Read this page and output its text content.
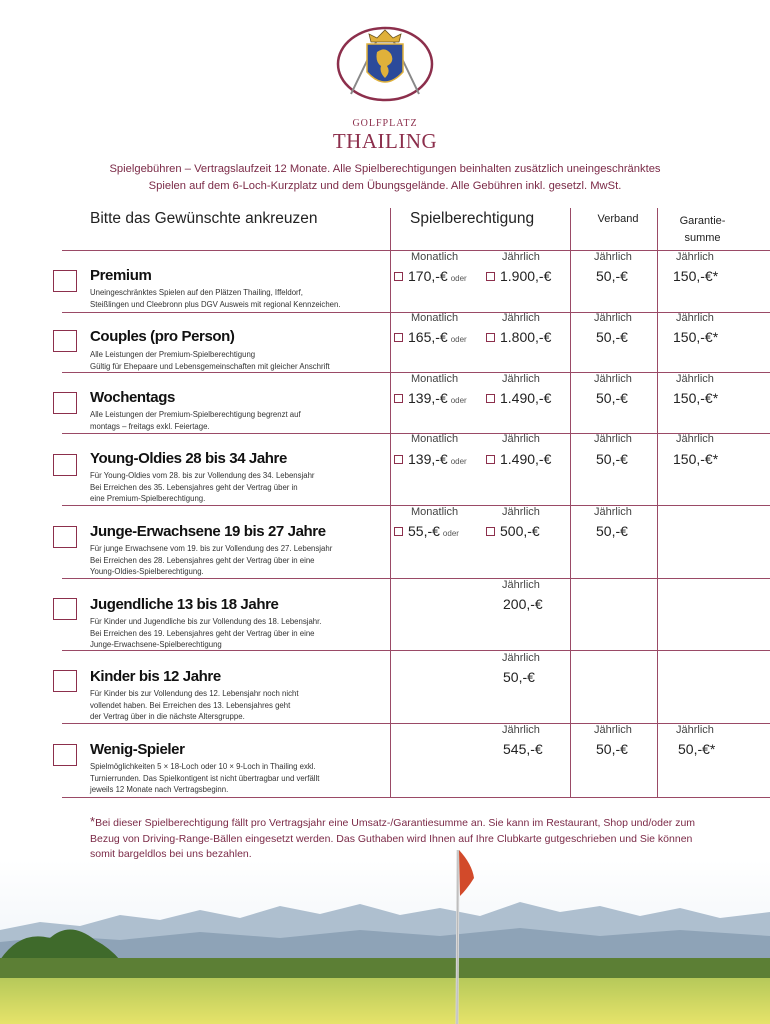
GOLFPLATZ
THAILING
Spielgebühren – Vertragslaufzeit 12 Monate. Alle Spielberechtigungen beinhalten zusätzlich uneingeschränktes
Spielen auf dem 6-Loch-Kurzplatz und dem Übungsgelände. Alle Gebühren inkl. gesetzl. MwSt.
Bitte das Gewünschte ankreuzen	Spielberechtigung	Verband	Garantie-
summe
Premium
Uneingeschränktes Spielen auf den Plätzen Thailing, Iffeldorf,
Steißlingen und Cleebronn plus DGV Ausweis mit regional Kennzeichen.
Monatlich	Jährlich	Jährlich	Jährlich
170,-€ oder	1.900,-€	50,-€	150,-€*
Couples (pro Person)
Alle Leistungen der Premium-Spielberechtigung
Gültig für Ehepaare und Lebensgemeinschaften mit gleicher Anschrift
Monatlich	Jährlich	Jährlich	Jährlich
165,-€ oder	1.800,-€	50,-€	150,-€*
Wochentags
Alle Leistungen der Premium-Spielberechtigung begrenzt auf
montags – freitags exkl. Feiertage.
Monatlich	Jährlich	Jährlich	Jährlich
139,-€ oder	1.490,-€	50,-€	150,-€*
Young-Oldies 28 bis 34 Jahre
Für Young-Oldies vom 28. bis zur Vollendung des 34. Lebensjahr
Bei Erreichen des 35. Lebensjahres geht der Vertrag über in
eine Premium-Spielberechtigung.
Monatlich	Jährlich	Jährlich	Jährlich
139,-€ oder	1.490,-€	50,-€	150,-€*
Junge-Erwachsene 19 bis 27 Jahre
Für junge Erwachsene vom 19. bis zur Vollendung des 27. Lebensjahr
Bei Erreichen des 28. Lebensjahres geht der Vertrag über in eine
Young-Oldies-Spielberechtigung.
Monatlich	Jährlich	Jährlich
55,-€ oder	500,-€	50,-€
Jugendliche 13 bis 18 Jahre
Für Kinder und Jugendliche bis zur Vollendung des 18. Lebensjahr.
Bei Erreichen des 19. Lebensjahres geht der Vertrag über in eine
Junge-Erwachsene-Spielberechtigung
Jährlich
200,-€
Kinder bis 12 Jahre
Für Kinder bis zur Vollendung des 12. Lebensjahr noch nicht
vollendet haben. Bei Erreichen des 13. Lebensjahres geht
der Vertrag über in die nächste Altersgruppe.
Jährlich
50,-€
Wenig-Spieler
Spielmöglichkeiten 5 × 18-Loch oder 10 × 9-Loch in Thailing exkl.
Turnierrunden. Das Spielkontigent ist nicht übertragbar und verfällt
jeweils 12 Monate nach Vertragsbeginn.
Jährlich	Jährlich	Jährlich
545,-€	50,-€	50,-€*
*Bei dieser Spielberechtigung fällt pro Vertragsjahr eine Umsatz-/Garantiesumme an. Sie kann im Restaurant, Shop und/oder zum Bezug von Driving-Range-Bällen eingesetzt werden. Das Guthaben wird Ihnen auf Ihre Clubkarte gutgeschrieben und Sie können somit bargeldlos bei uns bezahlen.
